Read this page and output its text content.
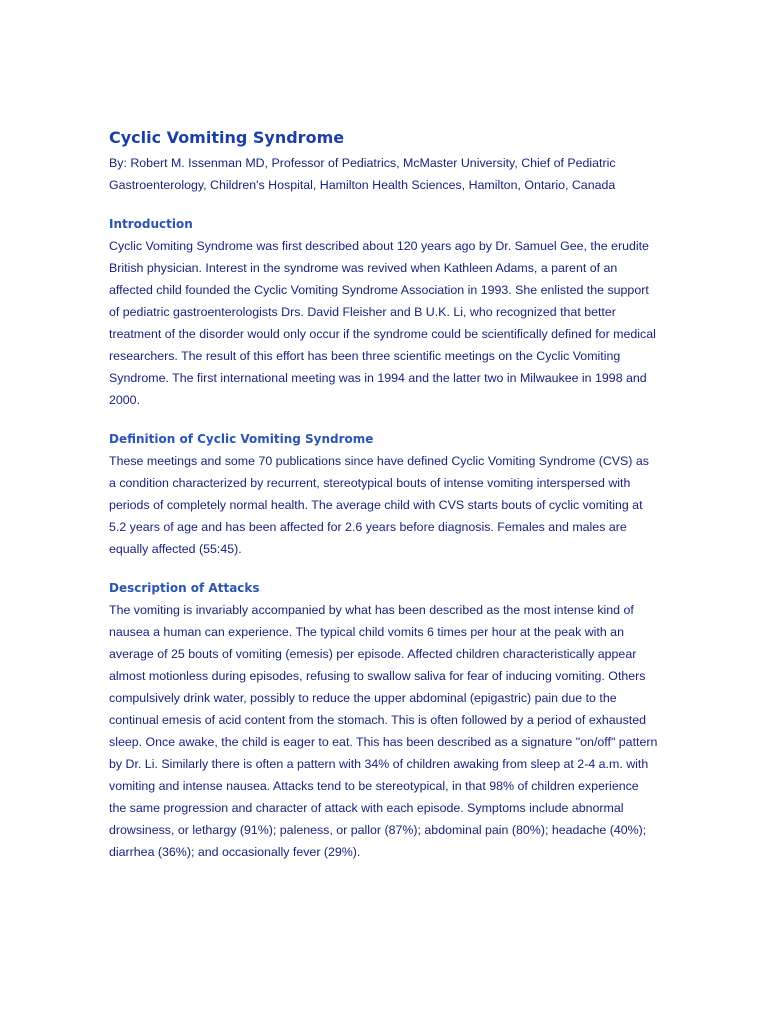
Cyclic Vomiting Syndrome

By: Robert M. Issenman MD, Professor of Pediatrics, McMaster University, Chief of Pediatric Gastroenterology, Children's Hospital, Hamilton Health Sciences, Hamilton, Ontario, Canada

Introduction

Cyclic Vomiting Syndrome was first described about 120 years ago by Dr. Samuel Gee, the erudite British physician. Interest in the syndrome was revived when Kathleen Adams, a parent of an affected child founded the Cyclic Vomiting Syndrome Association in 1993. She enlisted the support of pediatric gastroenterologists Drs. David Fleisher and B U.K. Li, who recognized that better treatment of the disorder would only occur if the syndrome could be scientifically defined for medical researchers. The result of this effort has been three scientific meetings on the Cyclic Vomiting Syndrome. The first international meeting was in 1994 and the latter two in Milwaukee in 1998 and 2000.

Definition of Cyclic Vomiting Syndrome

These meetings and some 70 publications since have defined Cyclic Vomiting Syndrome (CVS) as a condition characterized by recurrent, stereotypical bouts of intense vomiting interspersed with periods of completely normal health. The average child with CVS starts bouts of cyclic vomiting at 5.2 years of age and has been affected for 2.6 years before diagnosis. Females and males are equally affected (55:45).

Description of Attacks

The vomiting is invariably accompanied by what has been described as the most intense kind of nausea a human can experience. The typical child vomits 6 times per hour at the peak with an average of 25 bouts of vomiting (emesis) per episode. Affected children characteristically appear almost motionless during episodes, refusing to swallow saliva for fear of inducing vomiting. Others compulsively drink water, possibly to reduce the upper abdominal (epigastric) pain due to the continual emesis of acid content from the stomach. This is often followed by a period of exhausted sleep. Once awake, the child is eager to eat. This has been described as a signature "on/off" pattern by Dr. Li. Similarly there is often a pattern with 34% of children awaking from sleep at 2-4 a.m. with vomiting and intense nausea. Attacks tend to be stereotypical, in that 98% of children experience the same progression and character of attack with each episode. Symptoms include abnormal drowsiness, or lethargy (91%); paleness, or pallor (87%); abdominal pain (80%); headache (40%); diarrhea (36%); and occasionally fever (29%).
